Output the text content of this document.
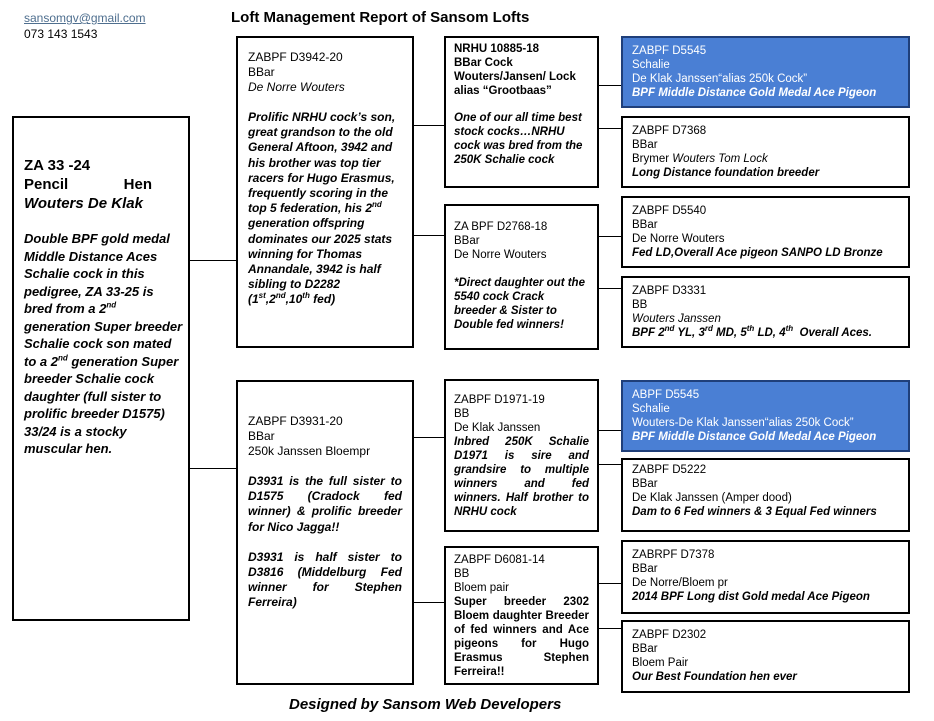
sansomgv@gmail.com
073 143 1543
Loft Management Report of Sansom Lofts
ZA 33 -24
Pencil	Hen
Wouters De Klak
Double BPF gold medal Middle Distance Aces Schalie cock in this pedigree, ZA 33-25 is bred from a 2nd generation Super breeder Schalie cock son mated to a 2nd generation Super breeder Schalie cock daughter (full sister to prolific breeder D1575)  33/24 is a stocky muscular hen.
ZABPF D3942-20
BBar
De Norre Wouters
Prolific NRHU cock’s son, great grandson to the old General Aftoon, 3942 and his brother was top tier racers for Hugo Erasmus, frequently scoring in the top 5 federation, his 2nd generation offspring dominates our 2025 stats winning for Thomas Annandale, 3942 is half sibling to D2282 (1st,2nd,10th fed)
ZABPF D3931-20
BBar
250k Janssen Bloempr
D3931 is the full sister to D1575 (Cradock fed winner) & prolific breeder for Nico Jagga!!
D3931 is half sister to D3816 (Middelburg Fed winner for Stephen Ferreira)
NRHU 10885-18
BBar Cock
Wouters/Jansen/ Lock
alias “Grootbaas”
One of our all time best stock cocks…NRHU cock was bred from the 250K Schalie cock
ZA BPF D2768-18
BBar
De Norre Wouters
*Direct daughter out the 5540 cock Crack breeder & Sister to Double fed winners!
ZABPF D1971-19
BB
De Klak Janssen
Inbred 250K Schalie D1971 is sire and grandsire to multiple winners and fed winners. Half brother to NRHU cock
ZABPF D6081-14
BB
Bloem pair
Super breeder 2302 Bloem daughter Breeder of fed winners and Ace pigeons for Hugo Erasmus Stephen Ferreira!!
ZABPF D5545
Schalie
De Klak Janssen“alias 250k Cock”
BPF Middle Distance Gold Medal Ace Pigeon
ZABPF D7368
BBar
Brymer Wouters Tom Lock
Long Distance foundation breeder
ZABPF D5540
BBar
De Norre Wouters
Fed LD,Overall Ace pigeon SANPO LD Bronze
ZABPF D3331
BB
Wouters Janssen
BPF 2nd YL, 3rd MD, 5th LD, 4th  Overall Aces.
ABPF D5545
Schalie
Wouters-De Klak Janssen“alias 250k Cock”
BPF Middle Distance Gold Medal Ace Pigeon
ZABPF D5222
BBar
De Klak Janssen (Amper dood)
Dam to 6 Fed winners & 3 Equal Fed winners
ZABRPF D7378
BBar
De Norre/Bloem pr
2014 BPF Long dist Gold medal Ace Pigeon
ZABPF D2302
BBar
Bloem Pair
Our Best Foundation hen ever
Designed by Sansom Web Developers
